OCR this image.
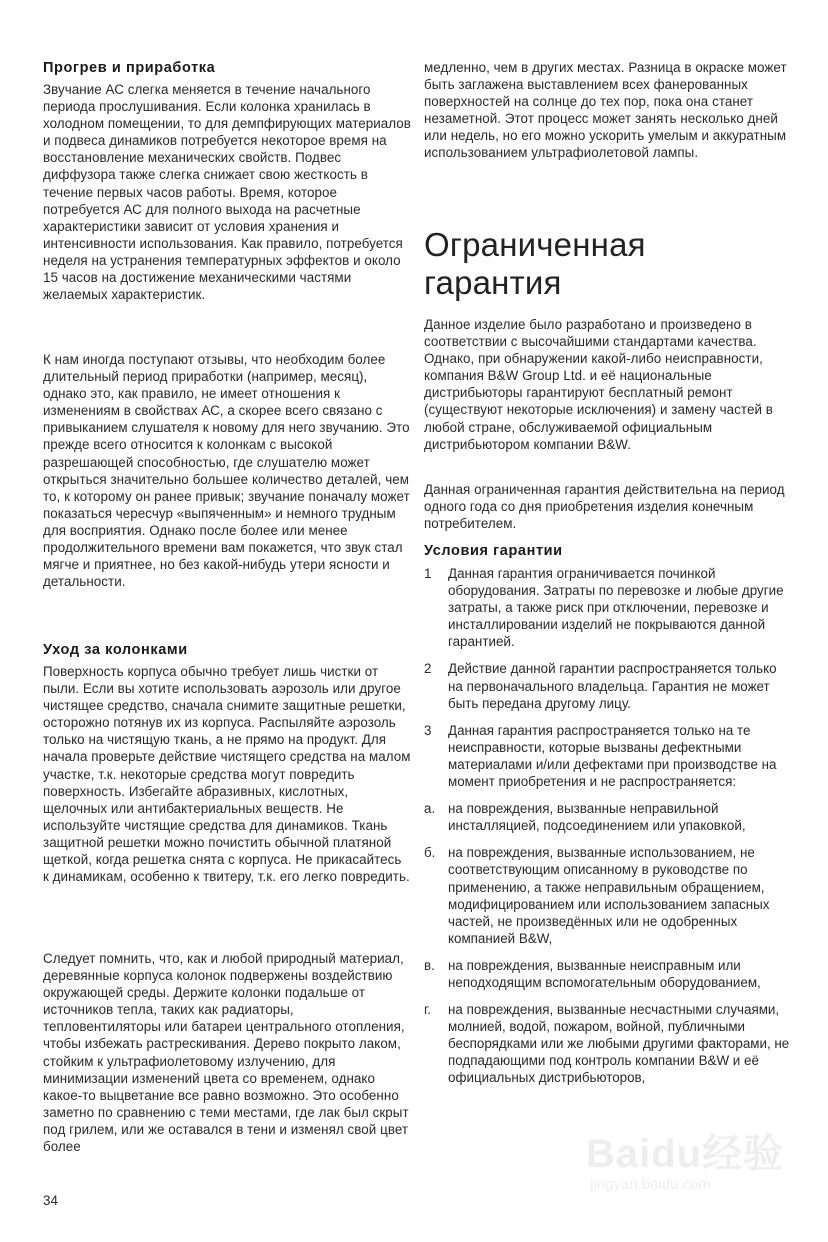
Прогрев и приработка

Звучание АС слегка меняется в течение начального периода прослушивания. Если колонка хранилась в холодном помещении, то для демпфирующих материалов и подвеса динамиков потребуется некоторое время на восстановление механических свойств. Подвес диффузора также слегка снижает свою жесткость в течение первых часов работы. Время, которое потребуется АС для полного выхода на расчетные характеристики зависит от условия хранения и интенсивности использования. Как правило, потребуется неделя на устранения температурных эффектов и около 15 часов на достижение механическими частями желаемых характеристик.

К нам иногда поступают отзывы, что необходим более длительный период приработки (например, месяц), однако это, как правило, не имеет отношения к изменениям в свойствах АС, а скорее всего связано с привыканием слушателя к новому для него звучанию. Это прежде всего относится к колонкам с высокой разрешающей способностью, где слушателю может открыться значительно большее количество деталей, чем то, к которому он ранее привык; звучание поначалу может показаться чересчур «выпяченным» и немного трудным для восприятия. Однако после более или менее продолжительного времени вам покажется, что звук стал мягче и приятнее, но без какой-нибудь утери ясности и детальности.

Уход за колонками

Поверхность корпуса обычно требует лишь чистки от пыли. Если вы хотите использовать аэрозоль или другое чистящее средство, сначала снимите защитные решетки, осторожно потянув их из корпуса. Распыляйте аэрозоль только на чистящую ткань, а не прямо на продукт. Для начала проверьте действие чистящего средства на малом участке, т.к. некоторые средства могут повредить поверхность. Избегайте абразивных, кислотных, щелочных или антибактериальных веществ. Не используйте чистящие средства для динамиков. Ткань защитной решетки можно почистить обычной платяной щеткой, когда решетка снята с корпуса. Не прикасайтесь к динамикам, особенно к твитеру, т.к. его легко повредить.

Следует помнить, что, как и любой природный материал, деревянные корпуса колонок подвержены воздействию окружающей среды. Держите колонки подальше от источников тепла, таких как радиаторы, тепловентиляторы или батареи центрального отопления, чтобы избежать растрескивания. Дерево покрыто лаком, стойким к ультрафиолетовому излучению, для минимизации изменений цвета со временем, однако какое-то выцветание все равно возможно. Это особенно заметно по сравнению с теми местами, где лак был скрыт под грилем, или же оставался в тени и изменял свой цвет более

медленно, чем в других местах. Разница в окраске может быть заглажена выставлением всех фанерованных поверхностей на солнце до тех пор, пока она станет незаметной. Этот процесс может занять несколько дней или недель, но его можно ускорить умелым и аккуратным использованием ультрафиолетовой лампы.

Ограниченная
гарантия

Данное изделие было разработано и произведено в соответствии с высочайшими стандартами качества. Однако, при обнаружении какой-либо неисправности, компания B&W Group Ltd. и её национальные дистрибьюторы гарантируют бесплатный ремонт (существуют некоторые исключения) и замену частей в любой стране, обслуживаемой официальным дистрибьютором компании B&W.

Данная ограниченная гарантия действительна на период одного года со дня приобретения изделия конечным потребителем.

Условия гарантии
1 Данная гарантия ограничивается починкой оборудования. Затраты по перевозке и любые другие затраты, а также риск при отключении, перевозке и инсталлировании изделий не покрываются данной гарантией.
2 Действие данной гарантии распространяется только на первоначального владельца. Гарантия не может быть передана другому лицу.
3 Данная гарантия распространяется только на те неисправности, которые вызваны дефектными материалами и/или дефектами при производстве на момент приобретения и не распространяется:
а. на повреждения, вызванные неправильной инсталляцией, подсоединением или упаковкой,
б. на повреждения, вызванные использованием, не соответствующим описанному в руководстве по применению, а также неправильным обращением, модифицированием или использованием запасных частей, не произведённых или не одобренных компанией B&W,
в. на повреждения, вызванные неисправным или неподходящим вспомогательным оборудованием,
г. на повреждения, вызванные несчастными случаями, молнией, водой, пожаром, войной, публичными беспорядками или же любыми другими факторами, не подпадающими под контроль компании B&W и её официальных дистрибьюторов,
34
Baidu经验
jingyan.baidu.com
